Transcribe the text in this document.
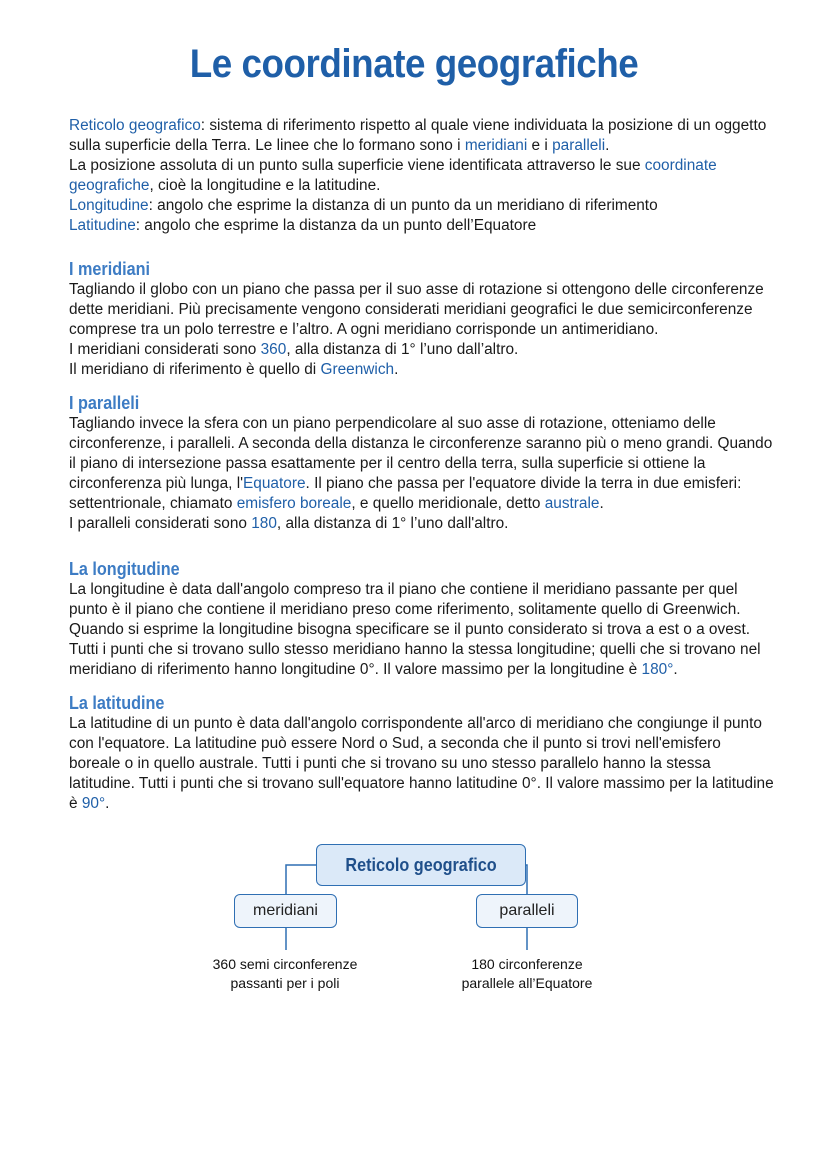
Le coordinate geografiche

Reticolo geografico: sistema di riferimento rispetto al quale viene individuata la posizione di un oggetto sulla superficie della Terra. Le linee che lo formano sono i meridiani e i paralleli.

La posizione assoluta di un punto sulla superficie viene identificata attraverso le sue coordinate geografiche, cioè la longitudine e la latitudine.

Longitudine: angolo che esprime la distanza di un punto da un meridiano di riferimento

Latitudine: angolo che esprime la distanza da un punto dell’Equatore

I meridiani

Tagliando il globo con un piano che passa per il suo asse di rotazione si ottengono delle circonferenze dette meridiani. Più precisamente vengono considerati meridiani geografici le due semicirconferenze comprese tra un polo terrestre e l’altro. A ogni meridiano corrisponde un antimeridiano.

I meridiani considerati sono 360, alla distanza di 1° l’uno dall’altro.

Il meridiano di riferimento è quello di Greenwich.

I paralleli

Tagliando invece la sfera con un piano perpendicolare al suo asse di rotazione, otteniamo delle circonferenze, i paralleli. A seconda della distanza le circonferenze saranno più o meno grandi. Quando il piano di intersezione passa esattamente per il centro della terra, sulla superficie si ottiene la circonferenza più lunga, l'Equatore. Il piano che passa per l'equatore divide la terra in due emisferi: settentrionale, chiamato emisfero boreale, e quello meridionale, detto australe.

I paralleli considerati sono 180, alla distanza di 1° l’uno dall'altro.

La longitudine

La longitudine è data dall'angolo compreso tra il piano che contiene il meridiano passante per quel punto è il piano che contiene il meridiano preso come riferimento, solitamente quello di Greenwich. Quando si esprime la longitudine bisogna specificare se il punto considerato si trova a est o a ovest. Tutti i punti che si trovano sullo stesso meridiano hanno la stessa longitudine; quelli che si trovano nel meridiano di riferimento hanno longitudine 0°. Il valore massimo per la longitudine è 180°.

La latitudine

La latitudine di un punto è data dall'angolo corrispondente all'arco di meridiano che congiunge il punto con l'equatore. La latitudine può essere Nord o Sud, a seconda che il punto si trovi nell'emisfero boreale o in quello australe. Tutti i punti che si trovano su uno stesso parallelo hanno la stessa latitudine. Tutti i punti che si trovano sull'equatore hanno latitudine 0°. Il valore massimo per la latitudine è 90°.

Reticolo geografico
meridiani	paralleli
360 semi circonferenze
passanti per i poli
180 circonferenze
parallele all’Equatore
